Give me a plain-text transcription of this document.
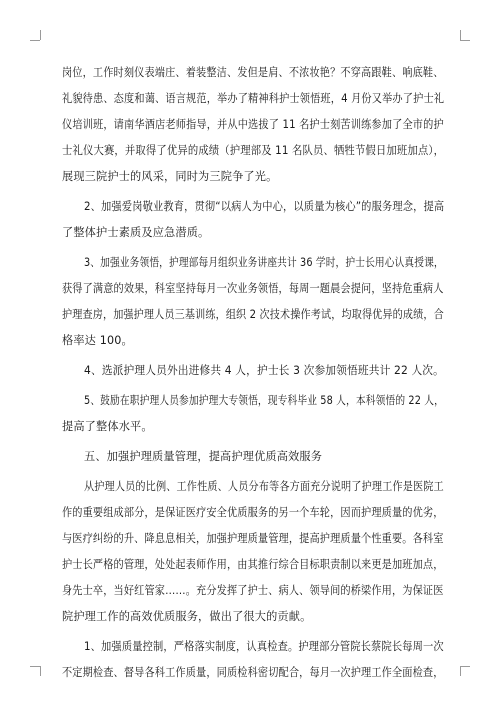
岗位，工作时刻仪表端庄、着装整洁、发但是肩、不浓妆艳？不穿高跟鞋、响底鞋、
礼貌待患、态度和蔼、语言规范，举办了精神科护士领悟班，4 月份又举办了护士礼
仪培训班，请南华酒店老师指导，并从中选拔了 11 名护士刻苦训练参加了全市的护
士礼仪大赛，并取得了优异的成绩（护理部及 11 名队员、牺牲节假日加班加点），
展现三院护士的风采，同时为三院争了光。
2、加强爱岗敬业教育，贯彻“以病人为中心，以质量为核心”的服务理念，提高
了整体护士素质及应急潜质。
3、加强业务领悟，护理部每月组织业务讲座共计 36 学时，护士长用心认真授课，
获得了满意的效果，科室坚持每月一次业务领悟，每周一题晨会提问，坚持危重病人
护理查房，加强护理人员三基训练，组织 2 次技术操作考试，均取得优异的成绩，合
格率达 100。
4、选派护理人员外出进修共 4 人，护士长 3 次参加领悟班共计 22 人次。
5、鼓励在职护理人员参加护理大专领悟，现专科毕业 58 人，本科领悟的 22 人，
提高了整体水平。
五、加强护理质量管理，提高护理优质高效服务
从护理人员的比例、工作性质、人员分布等各方面充分说明了护理工作是医院工
作的重要组成部分，是保证医疗安全优质服务的另一个车轮，因而护理质量的优劣，
与医疗纠纷的升、降息息相关，加强护理质量管理，提高护理质量个性重要。各科室
护士长严格的管理，处处起表师作用，由其推行综合目标职责制以来更是加班加点，
身先士卒，当好红管家……。充分发挥了护士、病人、领导间的桥梁作用，为保证医
院护理工作的高效优质服务，做出了很大的贡献。
1、加强质量控制，严格落实制度，认真检查。护理部分管院长蔡院长每周一次
不定期检查、督导各科工作质量，同质检科密切配合，每月一次护理工作全面检查，
